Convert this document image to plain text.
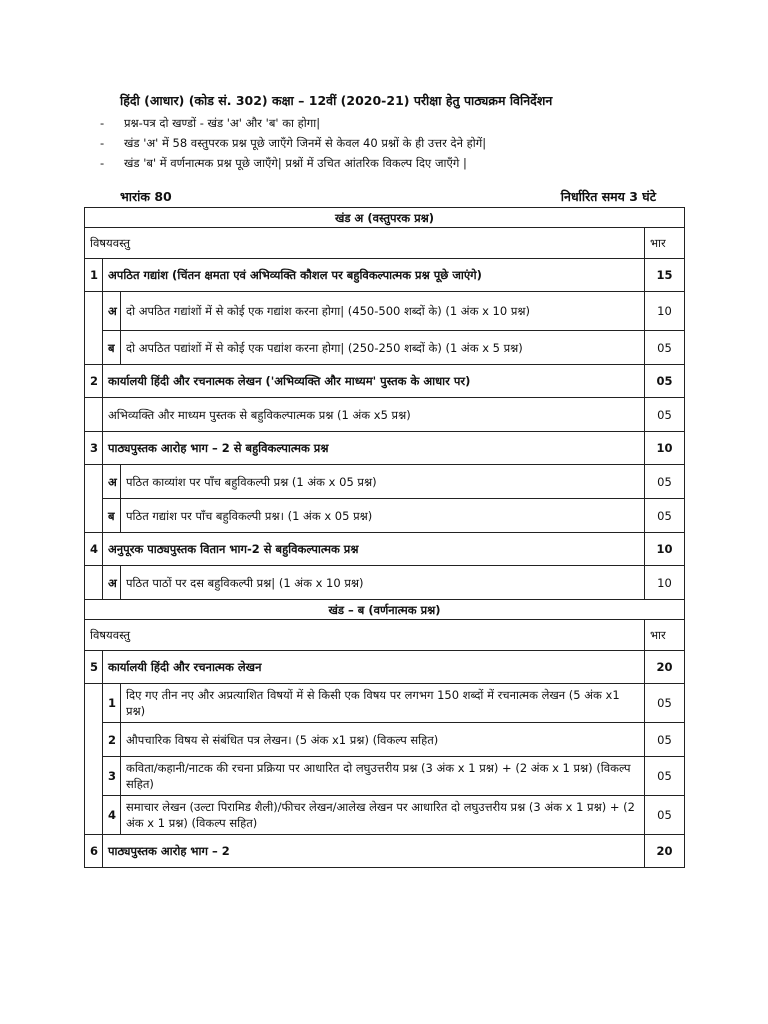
हिंदी (आधार) (कोड सं. 302) कक्षा – 12वीं (2020-21) परीक्षा हेतु पाठ्यक्रम विनिर्देशन
-	प्रश्न-पत्र दो खण्डों - खंड 'अ' और 'ब' का होगा|
-	खंड 'अ' में 58 वस्तुपरक प्रश्न पूछे जाएँगे जिनमें से केवल 40 प्रश्नों के ही उत्तर देने होगें|
-	खंड 'ब' में वर्णनात्मक प्रश्न पूछे जाएँगे| प्रश्नों में उचित आंतरिक विकल्प दिए जाएँगे |
भारांक 80	निर्धारित समय 3 घंटे
खंड अ (वस्तुपरक प्रश्न)			
विषयवस्तु			भार
1	अपठित गद्यांश (चिंतन क्षमता एवं अभिव्यक्ति कौशल पर बहुविकल्पात्मक प्रश्न पूछे जाएंगे)		15
	अ	दो अपठित गद्यांशों में से कोई एक गद्यांश करना होगा| (450-500 शब्दों के) (1 अंक x 10 प्रश्न)	10
	ब	दो अपठित पद्यांशों में से कोई एक पद्यांश करना होगा| (250-250 शब्दों के) (1 अंक x 5 प्रश्न)	05
2	कार्यालयी हिंदी और रचनात्मक लेखन ('अभिव्यक्ति और माध्यम' पुस्तक के आधार पर)		05
	अभिव्यक्ति और माध्यम पुस्तक से बहुविकल्पात्मक प्रश्न (1 अंक x5 प्रश्न)		05
3	पाठ्यपुस्तक आरोह भाग – 2 से बहुविकल्पात्मक प्रश्न		10
	अ	पठित काव्यांश पर पाँच बहुविकल्पी प्रश्न (1 अंक x 05 प्रश्न)	05
	ब	पठित गद्यांश पर पाँच बहुविकल्पी प्रश्न। (1 अंक x 05 प्रश्न)	05
4	अनुपूरक पाठ्यपुस्तक वितान भाग-2 से बहुविकल्पात्मक प्रश्न		10
	अ	पठित पाठों पर दस बहुविकल्पी प्रश्न| (1 अंक x 10 प्रश्न)	10
खंड – ब (वर्णनात्मक प्रश्न)			
विषयवस्तु			भार
5	कार्यालयी हिंदी और रचनात्मक लेखन		20
	1	दिए गए तीन नए और अप्रत्याशित विषयों में से किसी एक विषय पर लगभग 150 शब्दों में रचनात्मक लेखन (5 अंक x1 प्रश्न)	05
	2	औपचारिक विषय से संबंधित पत्र लेखन। (5 अंक x1 प्रश्न) (विकल्प सहित)	05
	3	कविता/कहानी/नाटक की रचना प्रक्रिया पर आधारित दो लघुउत्तरीय प्रश्न (3 अंक x 1 प्रश्न) + (2 अंक x 1 प्रश्न) (विकल्प सहित)	05
	4	समाचार लेखन (उल्टा पिरामिड शैली)/फीचर लेखन/आलेख लेखन पर आधारित दो लघुउत्तरीय प्रश्न (3 अंक x 1 प्रश्न) + (2 अंक x 1 प्रश्न) (विकल्प सहित)	05
6	पाठ्यपुस्तक आरोह भाग – 2		20
